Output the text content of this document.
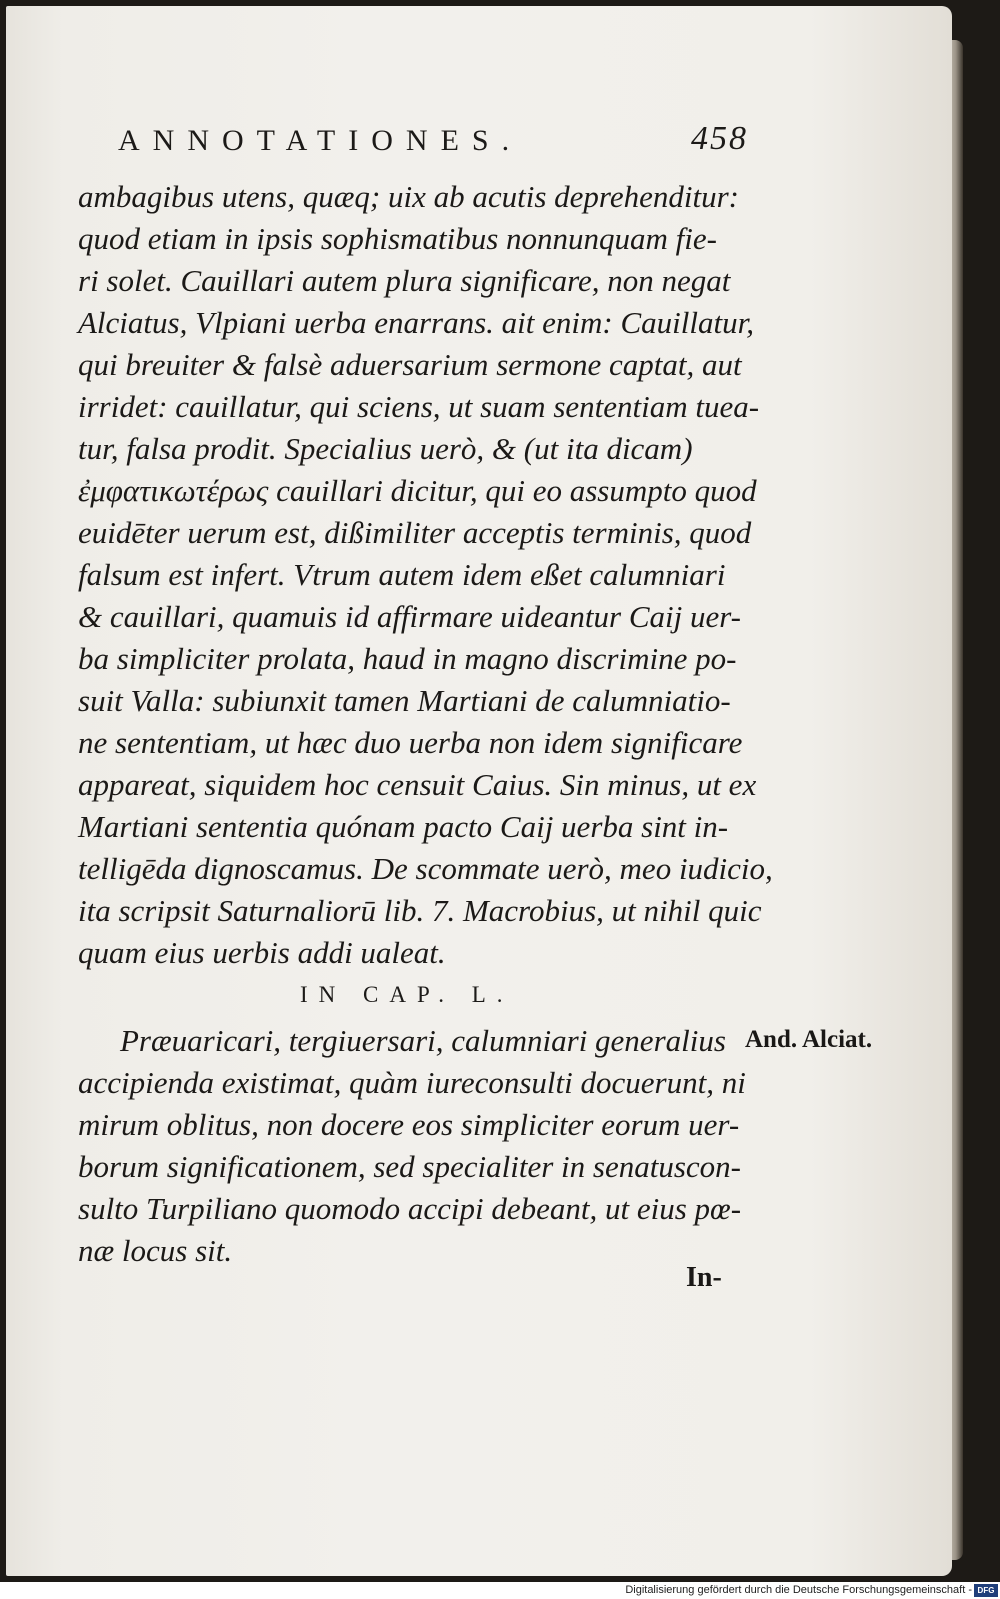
ANNOTATIONES.	458
ambagibus utens, quæq; uix ab acutis deprehenditur:
quod etiam in ipsis sophismatibus nonnunquam fie-
ri solet. Cauillari autem plura significare, non negat
Alciatus, Vlpiani uerba enarrans. ait enim: Cauillatur,
qui breuiter & falsè aduersarium sermone captat, aut
irridet: cauillatur, qui sciens, ut suam sententiam tuea-
tur, falsa prodit. Specialius uerò, & (ut ita dicam)
ἐμφατικωτέρως cauillari dicitur, qui eo assumpto quod
euidēter uerum est, dißimiliter acceptis terminis, quod
falsum est infert. Vtrum autem idem eßet calumniari
& cauillari, quamuis id affirmare uideantur Caij uer-
ba simpliciter prolata, haud in magno discrimine po-
suit Valla: subiunxit tamen Martiani de calumniatio-
ne sententiam, ut hæc duo uerba non idem significare
appareat, siquidem hoc censuit Caius. Sin minus, ut ex
Martiani sententia quónam pacto Caij uerba sint in-
telligēda dignoscamus. De scommate uerò, meo iudicio,
ita scripsit Saturnaliorū lib. 7. Macrobius, ut nihil quic
quam eius uerbis addi ualeat.
IN CAP. L.
Præuaricari, tergiuersari, calumniari generalius
accipienda existimat, quàm iureconsulti docuerunt, ni
mirum oblitus, non docere eos simpliciter eorum uer-
borum significationem, sed specialiter in senatuscon-
sulto Turpiliano quomodo accipi debeant, ut eius pœ-
næ locus sit.
And. Alciat.
In-
Digitalisierung gefördert durch die Deutsche Forschungsgemeinschaft - DFG
